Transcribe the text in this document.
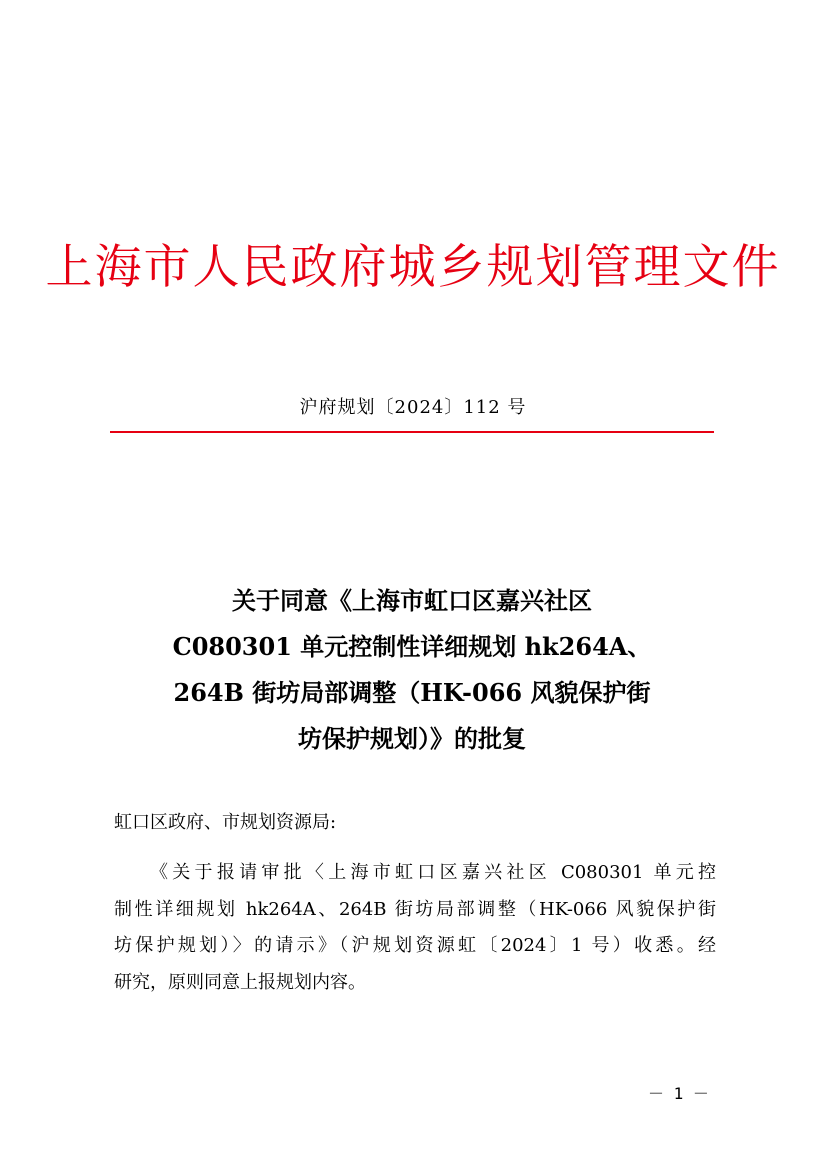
上海市人民政府城乡规划管理文件
沪府规划〔2024〕112 号
关于同意《上海市虹口区嘉兴社区
C080301 单元控制性详细规划 hk264A、
264B 街坊局部调整（HK-066 风貌保护街
坊保护规划）》的批复
虹口区政府、市规划资源局:
《关于报请审批〈上海市虹口区嘉兴社区 C080301 单元控
制性详细规划 hk264A、264B 街坊局部调整（HK-066 风貌保护街
坊保护规划）〉的请示》（沪规划资源虹〔2024〕1 号）收悉。经
研究，原则同意上报规划内容。
－ 1 －
